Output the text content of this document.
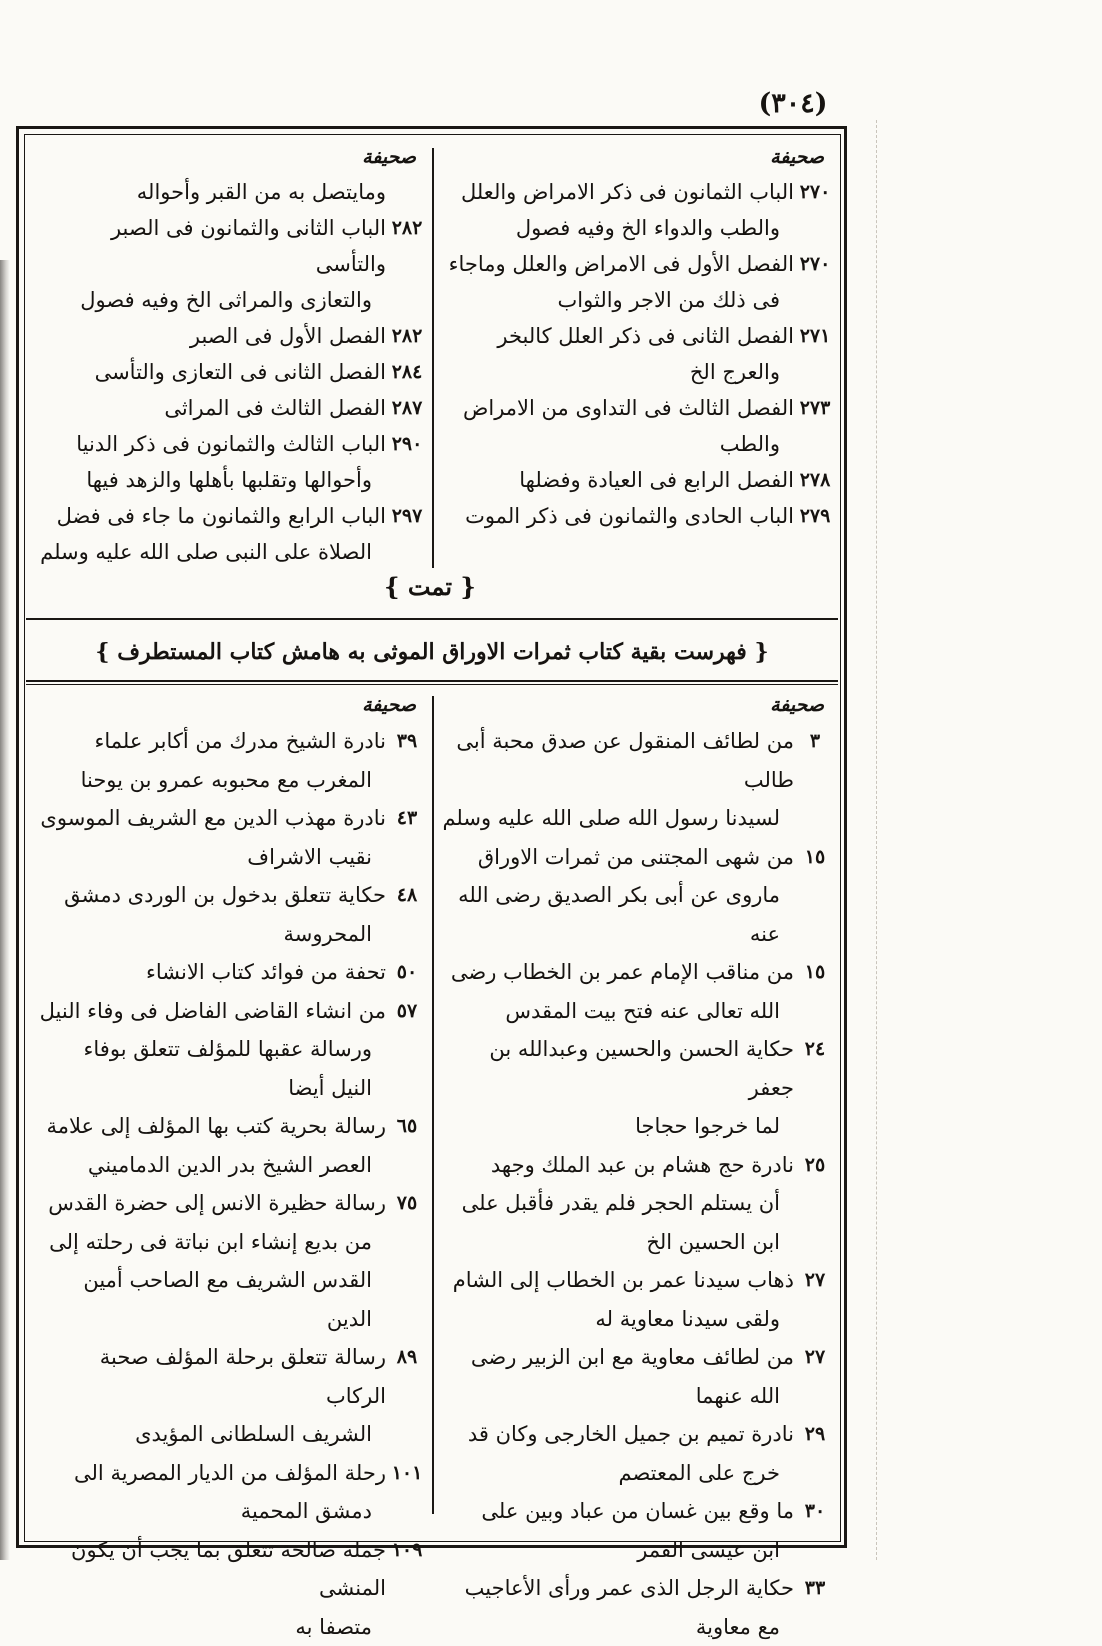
(٣٠٤)
صحيفة
٢٧٠
الباب الثمانون فى ذكر الامراض والعلل
والطب والدواء الخ وفيه فصول
٢٧٠
الفصل الأول فى الامراض والعلل وماجاء
فى ذلك من الاجر والثواب
٢٧١
الفصل الثانى فى ذكر العلل كالبخر
والعرج الخ
٢٧٣
الفصل الثالث فى التداوى من الامراض
والطب
٢٧٨
الفصل الرابع فى العيادة وفضلها
٢٧٩
الباب الحادى والثمانون فى ذكر الموت
صحيفة
ومايتصل به من القبر وأحواله
٢٨٢
الباب الثانى والثمانون فى الصبر والتأسى
والتعازى والمراثى الخ وفيه فصول
٢٨٢
الفصل الأول فى الصبر
٢٨٤
الفصل الثانى فى التعازى والتأسى
٢٨٧
الفصل الثالث فى المراثى
٢٩٠
الباب الثالث والثمانون فى ذكر الدنيا
وأحوالها وتقلبها بأهلها والزهد فيها
٢٩٧
الباب الرابع والثمانون ما جاء فى فضل
الصلاة على النبى صلى الله عليه وسلم
{ تمت }
{ فهرست بقية كتاب ثمرات الاوراق الموثى به هامش كتاب المستطرف }
صحيفة
٣
من لطائف المنقول عن صدق محبة أبى طالب
لسيدنا رسول الله صلى الله عليه وسلم
١٥
من شهى المجتنى من ثمرات الاوراق
ماروى عن أبى بكر الصديق رضى الله عنه
١٥
من مناقب الإمام عمر بن الخطاب رضى
الله تعالى عنه فتح بيت المقدس
٢٤
حكاية الحسن والحسين وعبدالله بن جعفر
لما خرجوا حجاجا
٢٥
نادرة حج هشام بن عبد الملك وجهد
أن يستلم الحجر فلم يقدر فأقبل على
ابن الحسين الخ
٢٧
ذهاب سيدنا عمر بن الخطاب إلى الشام
ولقى سيدنا معاوية له
٢٧
من لطائف معاوية مع ابن الزبير رضى
الله عنهما
٢٩
نادرة تميم بن جميل الخارجى وكان قد
خرج على المعتصم
٣٠
ما وقع بين غسان من عباد وبين على
ابن عيسى القمر
٣٣
حكاية الرجل الذى عمر ورأى الأعاجيب
مع معاوية
صحيفة
٣٩
نادرة الشيخ مدرك من أكابر علماء
المغرب مع محبوبه عمرو بن يوحنا
٤٣
نادرة مهذب الدين مع الشريف الموسوى
نقيب الاشراف
٤٨
حكاية تتعلق بدخول بن الوردى دمشق
المحروسة
٥٠
تحفة من فوائد كتاب الانشاء
٥٧
من انشاء القاضى الفاضل فى وفاء النيل
ورسالة عقبها للمؤلف تتعلق بوفاء
النيل أيضا
٦٥
رسالة بحرية كتب بها المؤلف إلى علامة
العصر الشيخ بدر الدين الدماميني
٧٥
رسالة حظيرة الانس إلى حضرة القدس
من بديع إنشاء ابن نباتة فى رحلته إلى
القدس الشريف مع الصاحب أمين الدين
٨٩
رسالة تتعلق برحلة المؤلف صحبة الركاب
الشريف السلطانى المؤيدى
١٠١
رحلة المؤلف من الديار المصرية الى
دمشق المحمية
١٠٩
جملة صالحة تتعلق بما يجب أن يكون المنشى
متصفا به
